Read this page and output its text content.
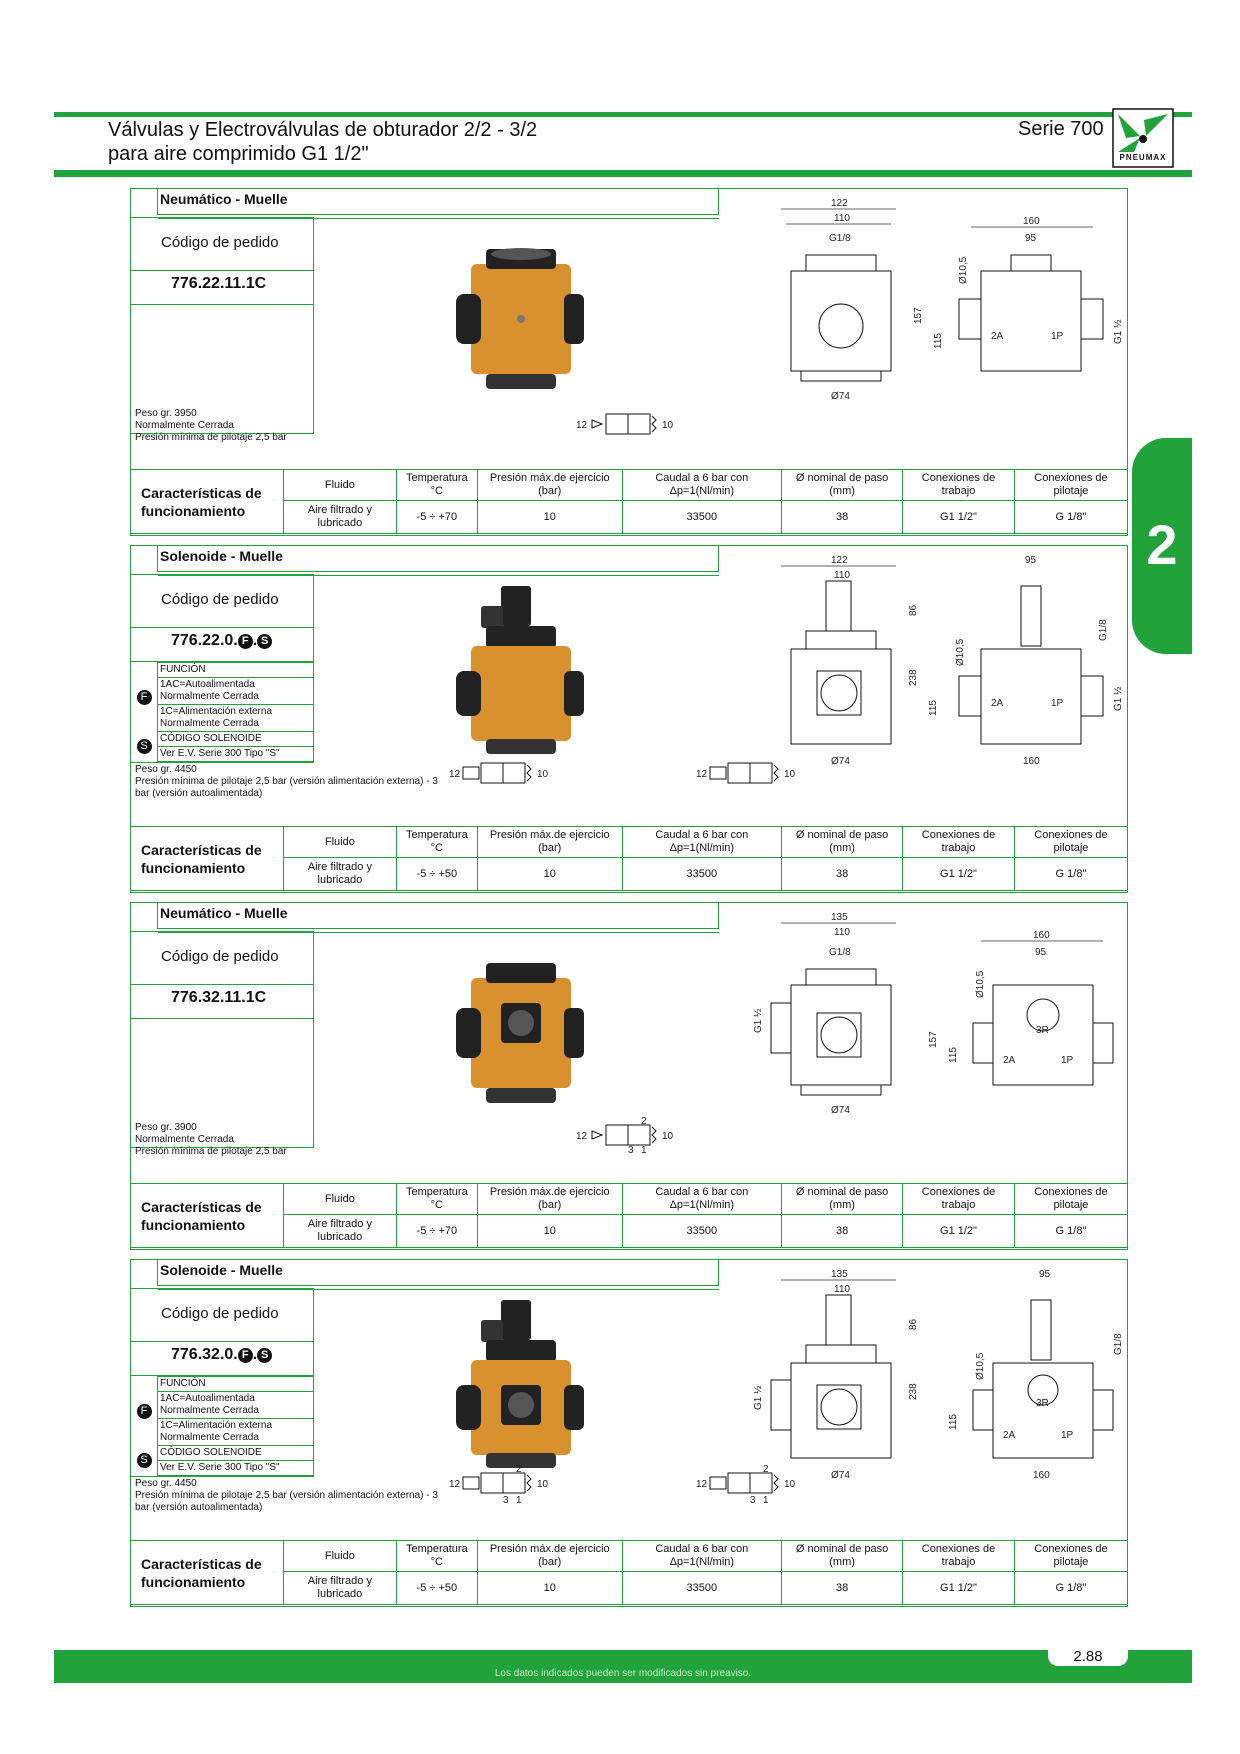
Válvulas y Electroválvulas de obturador 2/2 - 3/2
para aire comprimido G1 1/2"
Serie 700
PNEUMAX
2
Neumático - Muelle
Código de pedido
776.22.11.1C
Peso gr. 3950
Normalmente Cerrada
Presión mínima de pilotaje 2,5 bar
122
110
G1/8
Ø74
157
115
Ø10,5
160
95
2A	1P	G1 ½
12	10
Características de funcionamiento	Fluido	Temperatura °C	Presión máx.de ejercicio (bar)	Caudal a 6 bar con Δp=1(Nl/min)	Ø nominal de paso (mm)	Conexiones de trabajo	Conexiones de pilotaje
	Aire filtrado y lubricado	-5 ÷ +70	10	33500	38	G1 1/2"	G 1/8"
Solenoide - Muelle
Código de pedido
776.22.0. F . S
F	FUNCIÓN
	1AC=Autoalimentada Normalmente Cerrada
	1C=Alimentación externa Normalmente Cerrada
S	CÓDIGO SOLENOIDE
	Ver E.V. Serie 300 Tipo "S"
Peso gr. 4450
Presión mínima de pilotaje 2,5 bar (versión alimentación externa) - 3 bar (versión autoalimentada)
122
110
Ø74
86
238
115
Ø10,5
95
2A	1P	G1 ½
G1/8
160
12	10	12	10
Características de funcionamiento	Fluido	Temperatura °C	Presión máx.de ejercicio (bar)	Caudal a 6 bar con Δp=1(Nl/min)	Ø nominal de paso (mm)	Conexiones de trabajo	Conexiones de pilotaje
	Aire filtrado y lubricado	-5 ÷ +50	10	33500	38	G1 1/2"	G 1/8"
Neumático - Muelle
Código de pedido
776.32.11.1C
Peso gr. 3900
Normalmente Cerrada
Presión mínima de pilotaje 2,5 bar
135
110
G1/8
Ø74
G1 ½
157
115
Ø10,5
160
95
3R
2A	1P
2
12	10
3 1
Características de funcionamiento	Fluido	Temperatura °C	Presión máx.de ejercicio (bar)	Caudal a 6 bar con Δp=1(Nl/min)	Ø nominal de paso (mm)	Conexiones de trabajo	Conexiones de pilotaje
	Aire filtrado y lubricado	-5 ÷ +70	10	33500	38	G1 1/2"	G 1/8"
Solenoide - Muelle
Código de pedido
776.32.0. F . S
F	FUNCIÓN
	1AC=Autoalimentada Normalmente Cerrada
	1C=Alimentación externa Normalmente Cerrada
S	CÓDIGO SOLENOIDE
	Ver E.V. Serie 300 Tipo "S"
Peso gr. 4450
Presión mínima de pilotaje 2,5 bar (versión alimentación externa) - 3 bar (versión autoalimentada)
135
110
Ø74
G1 ½
86
238
115
Ø10,5
95
3R
2A	1P
G1/8
160
2
12	10
3 1
2
12	10
3 1
Características de funcionamiento	Fluido	Temperatura °C	Presión máx.de ejercicio (bar)	Caudal a 6 bar con Δp=1(Nl/min)	Ø nominal de paso (mm)	Conexiones de trabajo	Conexiones de pilotaje
	Aire filtrado y lubricado	-5 ÷ +50	10	33500	38	G1 1/2"	G 1/8"
Los datos indicados pueden ser modificados sin preaviso.
2.88
